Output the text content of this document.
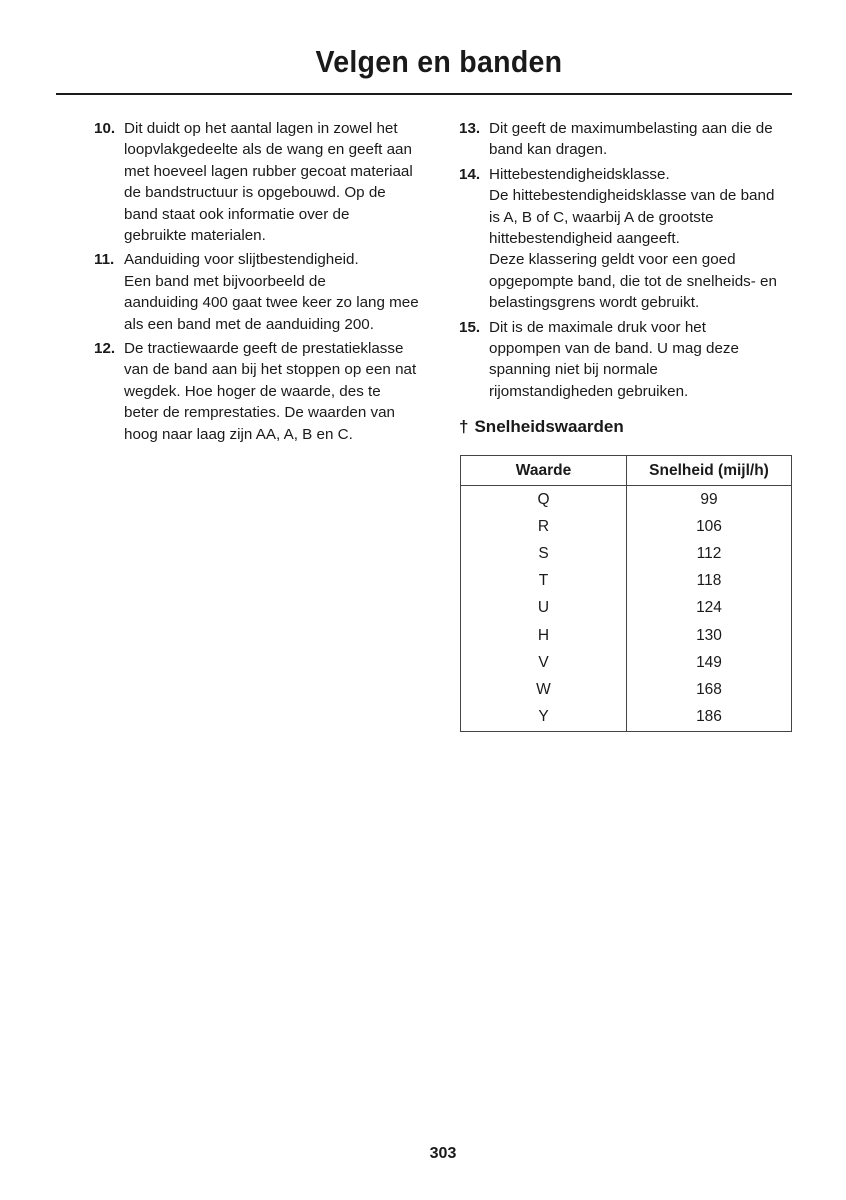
Velgen en banden
10. Dit duidt op het aantal lagen in zowel het
loopvlakgedeelte als de wang en geeft aan
met hoeveel lagen rubber gecoat materiaal
de bandstructuur is opgebouwd. Op de
band staat ook informatie over de
gebruikte materialen.
11. Aanduiding voor slijtbestendigheid.
Een band met bijvoorbeeld de
aanduiding 400 gaat twee keer zo lang mee
als een band met de aanduiding 200.
12. De tractiewaarde geeft de prestatieklasse
van de band aan bij het stoppen op een nat
wegdek. Hoe hoger de waarde, des te
beter de remprestaties. De waarden van
hoog naar laag zijn AA, A, B en C.
13. Dit geeft de maximumbelasting aan die de
band kan dragen.
14. Hittebestendigheidsklasse.
De hittebestendigheidsklasse van de band
is A, B of C, waarbij A de grootste
hittebestendigheid aangeeft.
Deze klassering geldt voor een goed
opgepompte band, die tot de snelheids- en
belastingsgrens wordt gebruikt.
15. Dit is de maximale druk voor het
oppompen van de band. U mag deze
spanning niet bij normale
rijomstandigheden gebruiken.
† Snelheidswaarden
Waarde	Snelheid (mijl/h)
Q	99
R	106
S	112
T	118
U	124
H	130
V	149
W	168
Y	186
303
